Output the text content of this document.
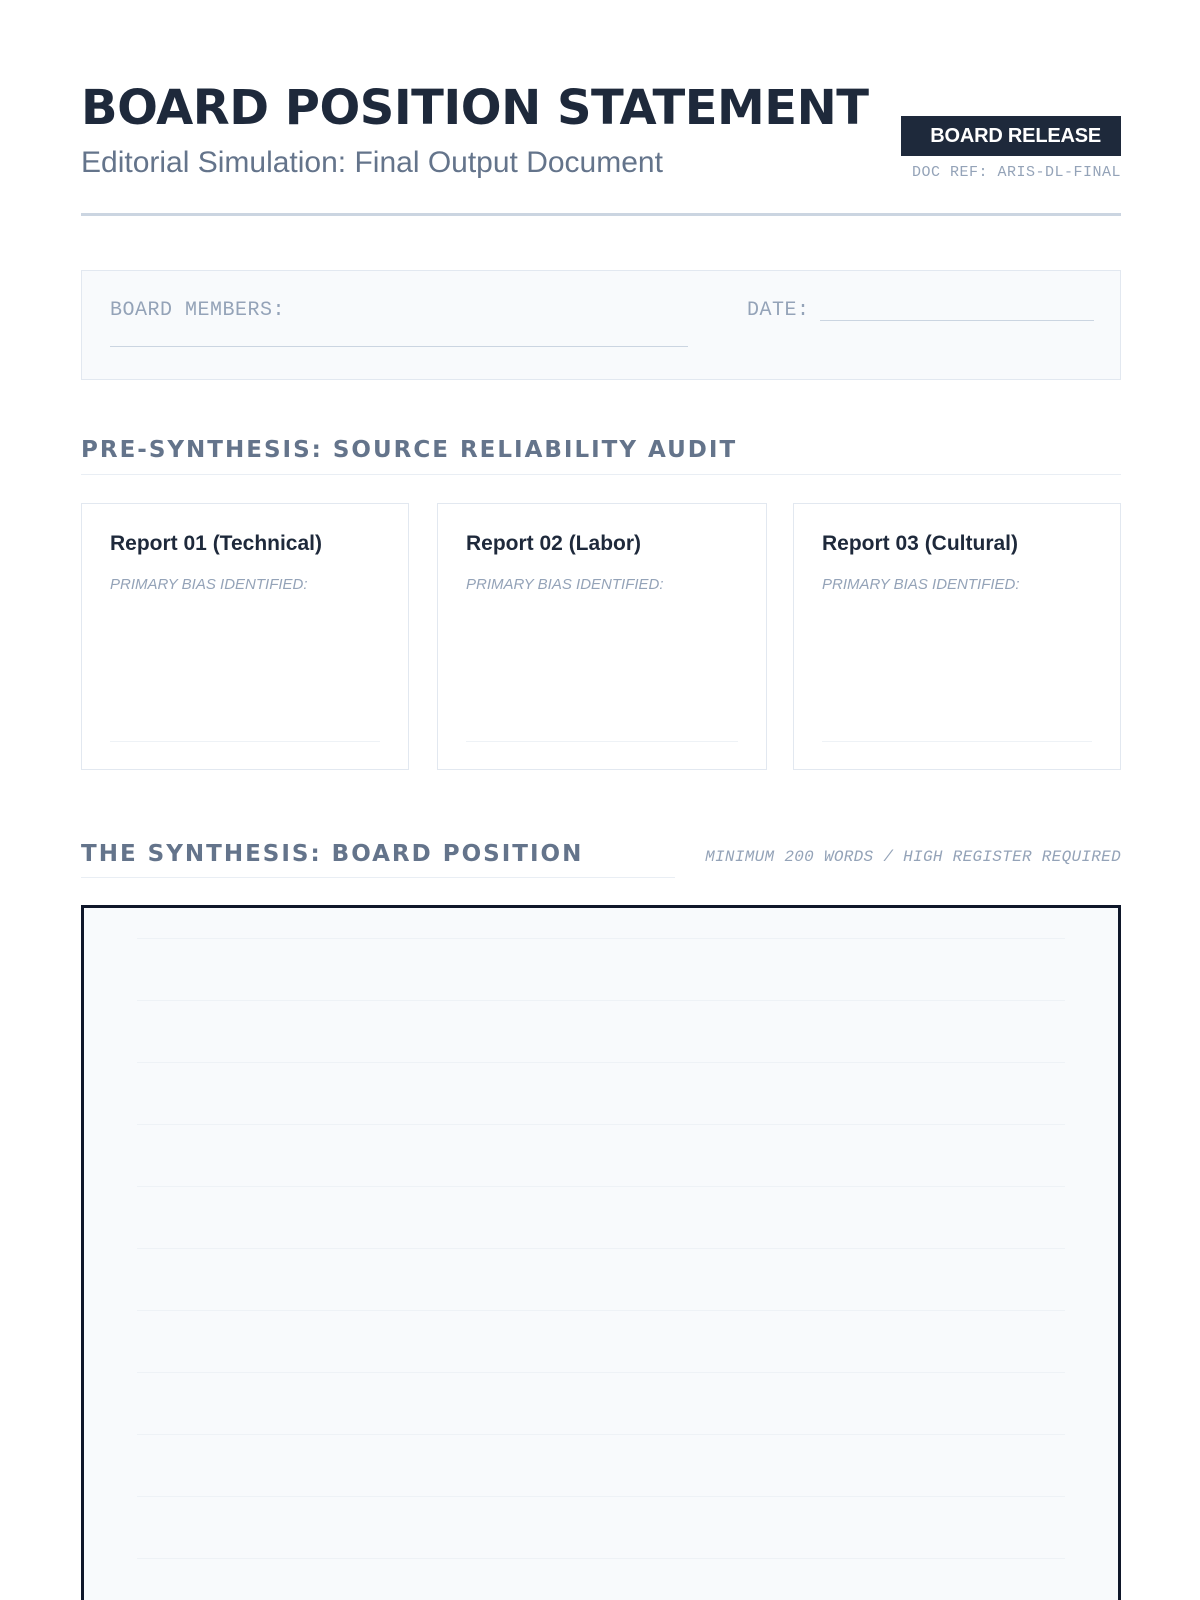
BOARD POSITION STATEMENT
Editorial Simulation: Final Output Document
BOARD RELEASE
DOC REF: ARIS-DL-FINAL
BOARD MEMBERS:	DATE:
PRE-SYNTHESIS: SOURCE RELIABILITY AUDIT
Report 01 (Technical)
PRIMARY BIAS IDENTIFIED:
Report 02 (Labor)
PRIMARY BIAS IDENTIFIED:
Report 03 (Cultural)
PRIMARY BIAS IDENTIFIED:
THE SYNTHESIS: BOARD POSITION	MINIMUM 200 WORDS / HIGH REGISTER REQUIRED
